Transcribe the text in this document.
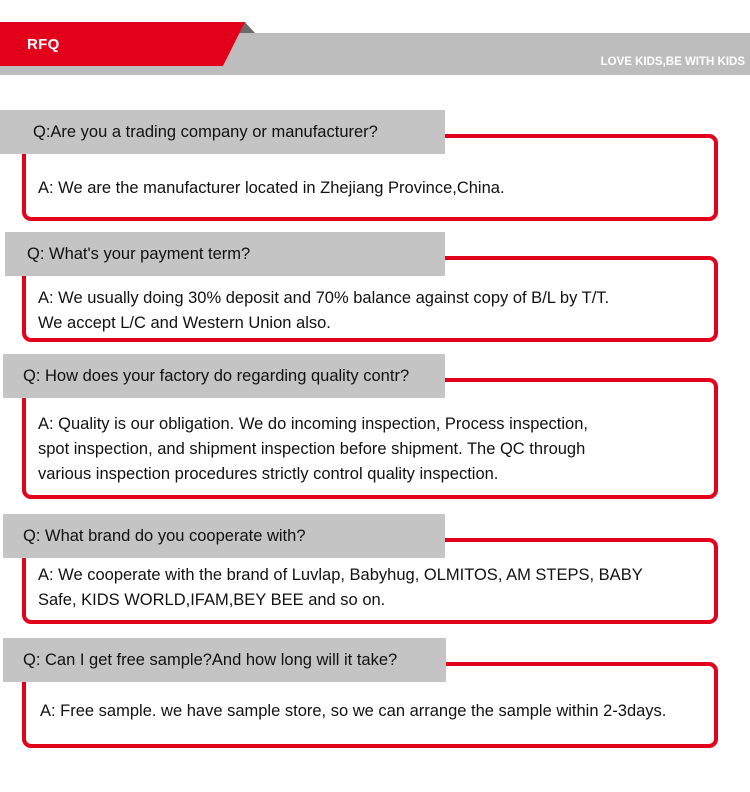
RFQ
LOVE KIDS,BE WITH KIDS
Q:Are you a trading company or manufacturer?
A: We are the manufacturer located in Zhejiang Province,China.
Q: What's your payment term?
A: We usually doing 30% deposit and 70% balance against copy of B/L by T/T.
We accept L/C and Western Union also.
Q: How does your factory do regarding quality contr?
A: Quality is our obligation. We do incoming inspection, Process inspection,
spot inspection, and shipment inspection before shipment. The QC through
various inspection procedures strictly control quality inspection.
Q: What brand do you cooperate with?
A: We cooperate with the brand of Luvlap, Babyhug, OLMITOS, AM STEPS, BABY
Safe, KIDS WORLD,IFAM,BEY BEE and so on.
Q: Can I get free sample?And how long will it take?
A: Free sample. we have sample store, so we can arrange the sample within 2-3days.
